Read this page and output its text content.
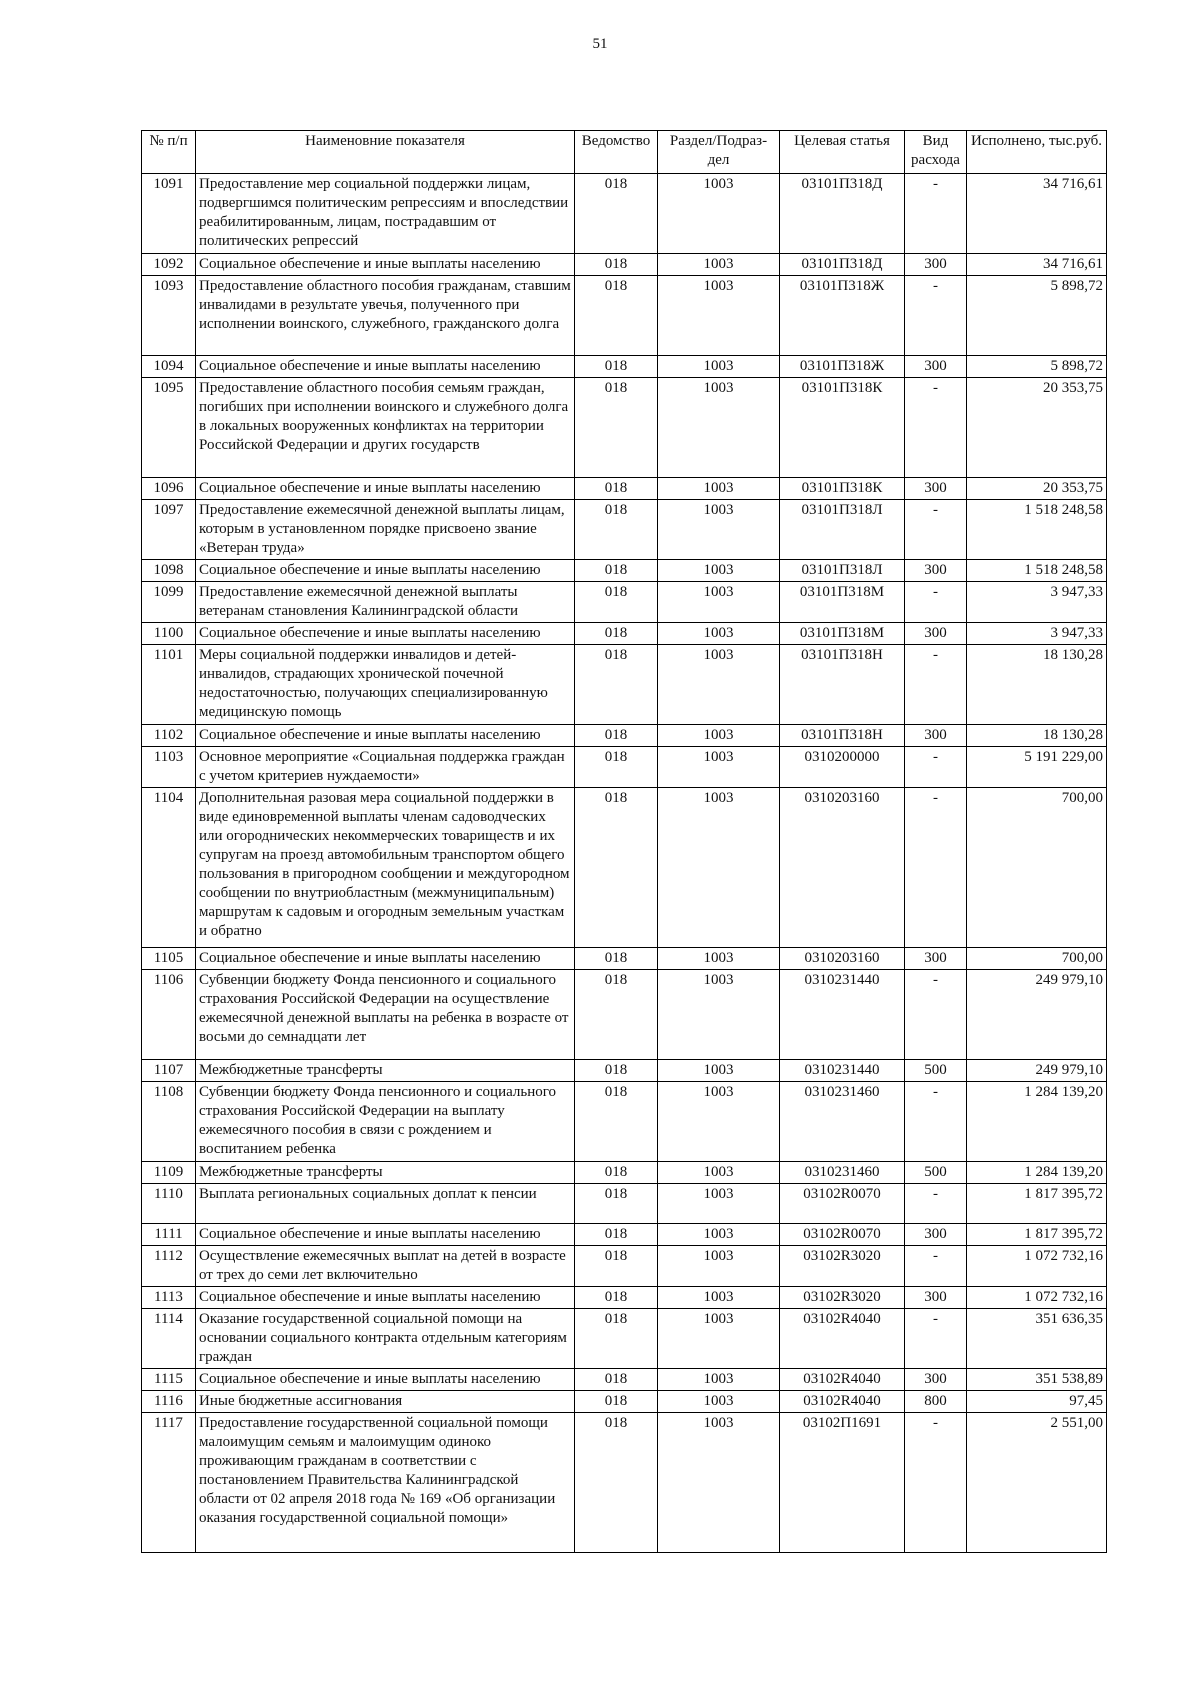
51
№ п/п	Наименовние показателя	Ведомство	Раздел/Подраз-дел	Целевая статья	Вид расхода	Исполнено, тыс.руб.
1091	Предоставление мер социальной поддержки лицам, подвергшимся политическим репрессиям и впоследствии реабилитированным, лицам, пострадавшим от политических репрессий	018	1003	03101П318Д	-	34 716,61
1092	Социальное обеспечение и иные выплаты населению	018	1003	03101П318Д	300	34 716,61
1093	Предоставление областного пособия гражданам, ставшим инвалидами в результате увечья, полученного при исполнении воинского, служебного, гражданского долга	018	1003	03101П318Ж	-	5 898,72
1094	Социальное обеспечение и иные выплаты населению	018	1003	03101П318Ж	300	5 898,72
1095	Предоставление областного пособия семьям граждан, погибших при исполнении воинского и служебного долга в локальных вооруженных конфликтах на территории Российской Федерации и других государств	018	1003	03101П318К	-	20 353,75
1096	Социальное обеспечение и иные выплаты населению	018	1003	03101П318К	300	20 353,75
1097	Предоставление ежемесячной денежной выплаты лицам, которым в установленном порядке присвоено звание «Ветеран труда»	018	1003	03101П318Л	-	1 518 248,58
1098	Социальное обеспечение и иные выплаты населению	018	1003	03101П318Л	300	1 518 248,58
1099	Предоставление ежемесячной денежной выплаты ветеранам становления Калининградской области	018	1003	03101П318М	-	3 947,33
1100	Социальное обеспечение и иные выплаты населению	018	1003	03101П318М	300	3 947,33
1101	Меры социальной поддержки инвалидов и детей-инвалидов, страдающих хронической почечной недостаточностью, получающих специализированную медицинскую помощь	018	1003	03101П318Н	-	18 130,28
1102	Социальное обеспечение и иные выплаты населению	018	1003	03101П318Н	300	18 130,28
1103	Основное мероприятие «Социальная поддержка граждан с учетом критериев нуждаемости»	018	1003	0310200000	-	5 191 229,00
1104	Дополнительная разовая мера социальной поддержки в виде единовременной выплаты членам садоводческих или огороднических некоммерческих товариществ и их супругам на проезд автомобильным транспортом общего пользования в пригородном сообщении и междугородном сообщении по внутриобластным (межмуниципальным) маршрутам к садовым и огородным земельным участкам и обратно	018	1003	0310203160	-	700,00
1105	Социальное обеспечение и иные выплаты населению	018	1003	0310203160	300	700,00
1106	Субвенции бюджету Фонда пенсионного и социального страхования Российской Федерации на осуществление ежемесячной денежной выплаты на ребенка в возрасте от восьми до семнадцати лет	018	1003	0310231440	-	249 979,10
1107	Межбюджетные трансферты	018	1003	0310231440	500	249 979,10
1108	Субвенции бюджету Фонда пенсионного и социального страхования Российской Федерации на выплату ежемесячного пособия в связи с рождением и воспитанием ребенка	018	1003	0310231460	-	1 284 139,20
1109	Межбюджетные трансферты	018	1003	0310231460	500	1 284 139,20
1110	Выплата региональных социальных доплат к пенсии	018	1003	03102R0070	-	1 817 395,72
1111	Социальное обеспечение и иные выплаты населению	018	1003	03102R0070	300	1 817 395,72
1112	Осуществление ежемесячных выплат на детей в возрасте от трех до семи лет включительно	018	1003	03102R3020	-	1 072 732,16
1113	Социальное обеспечение и иные выплаты населению	018	1003	03102R3020	300	1 072 732,16
1114	Оказание государственной социальной помощи на основании социального контракта отдельным категориям граждан	018	1003	03102R4040	-	351 636,35
1115	Социальное обеспечение и иные выплаты населению	018	1003	03102R4040	300	351 538,89
1116	Иные бюджетные ассигнования	018	1003	03102R4040	800	97,45
1117	Предоставление государственной социальной помощи малоимущим семьям и малоимущим одиноко проживающим гражданам в соответствии с постановлением Правительства Калининградской области от 02 апреля 2018 года № 169 «Об организации оказания государственной социальной помощи»	018	1003	03102П1691	-	2 551,00
